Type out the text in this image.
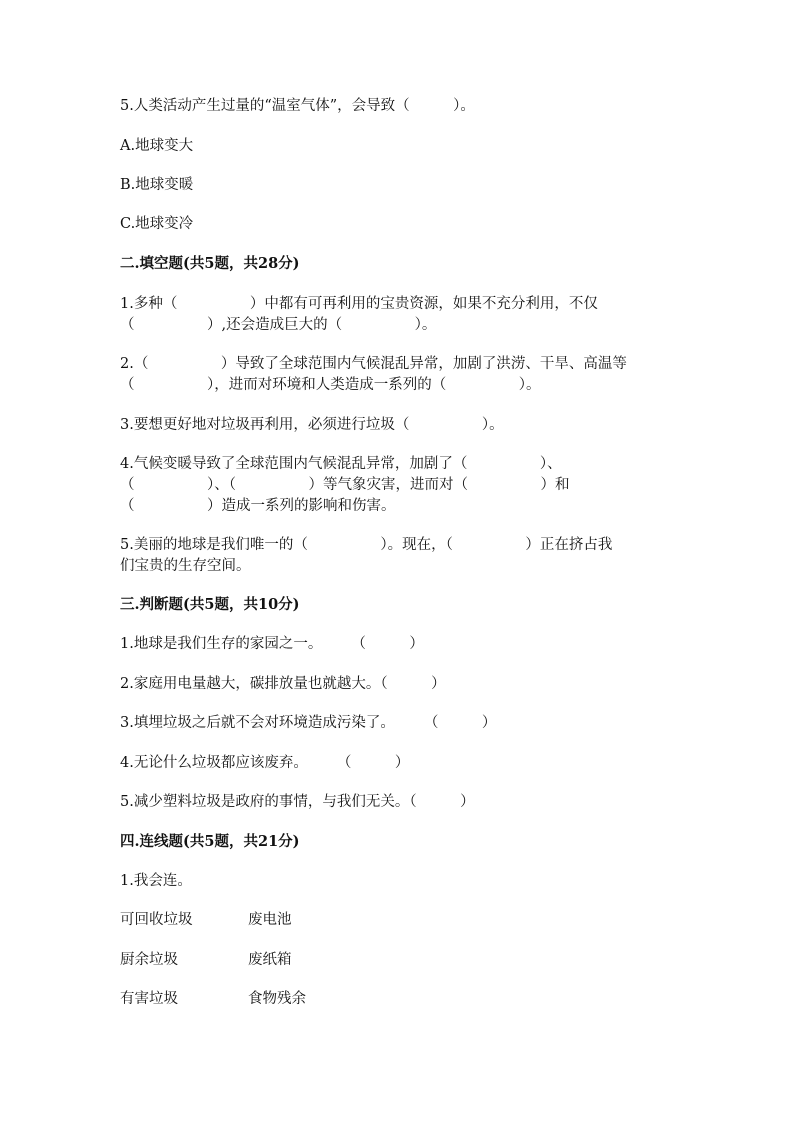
5.人类活动产生过量的“温室气体”，会导致（　　　）。
A.地球变大
B.地球变暖
C.地球变冷
二.填空题(共5题，共28分)
1.多种（　　　　　）中都有可再利用的宝贵资源，如果不充分利用，不仅
（　　　　　）,还会造成巨大的（　　　　　）。
2.（　　　　　）导致了全球范围内气候混乱异常，加剧了洪涝、干旱、高温等
（　　　　　），进而对环境和人类造成一系列的（　　　　　）。
3.要想更好地对垃圾再利用，必须进行垃圾（　　　　　）。
4.气候变暖导致了全球范围内气候混乱异常，加剧了（　　　　　）、
（　　　　　）、（　　　　　）等气象灾害，进而对（　　　　　）和
（　　　　　）造成一系列的影响和伤害。
5.美丽的地球是我们唯一的（　　　　　）。现在，（　　　　　）正在挤占我
们宝贵的生存空间。
三.判断题(共5题，共10分)
1.地球是我们生存的家园之一。　　　（　　　）
2.家庭用电量越大，碳排放量也就越大。（　　　）
3.填埋垃圾之后就不会对环境造成污染了。　　　（　　　）
4.无论什么垃圾都应该废弃。　　　（　　　）
5.减少塑料垃圾是政府的事情，与我们无关。（　　　）
四.连线题(共5题，共21分)
1.我会连。
可回收垃圾	废电池
厨余垃圾	废纸箱
有害垃圾	食物残余
